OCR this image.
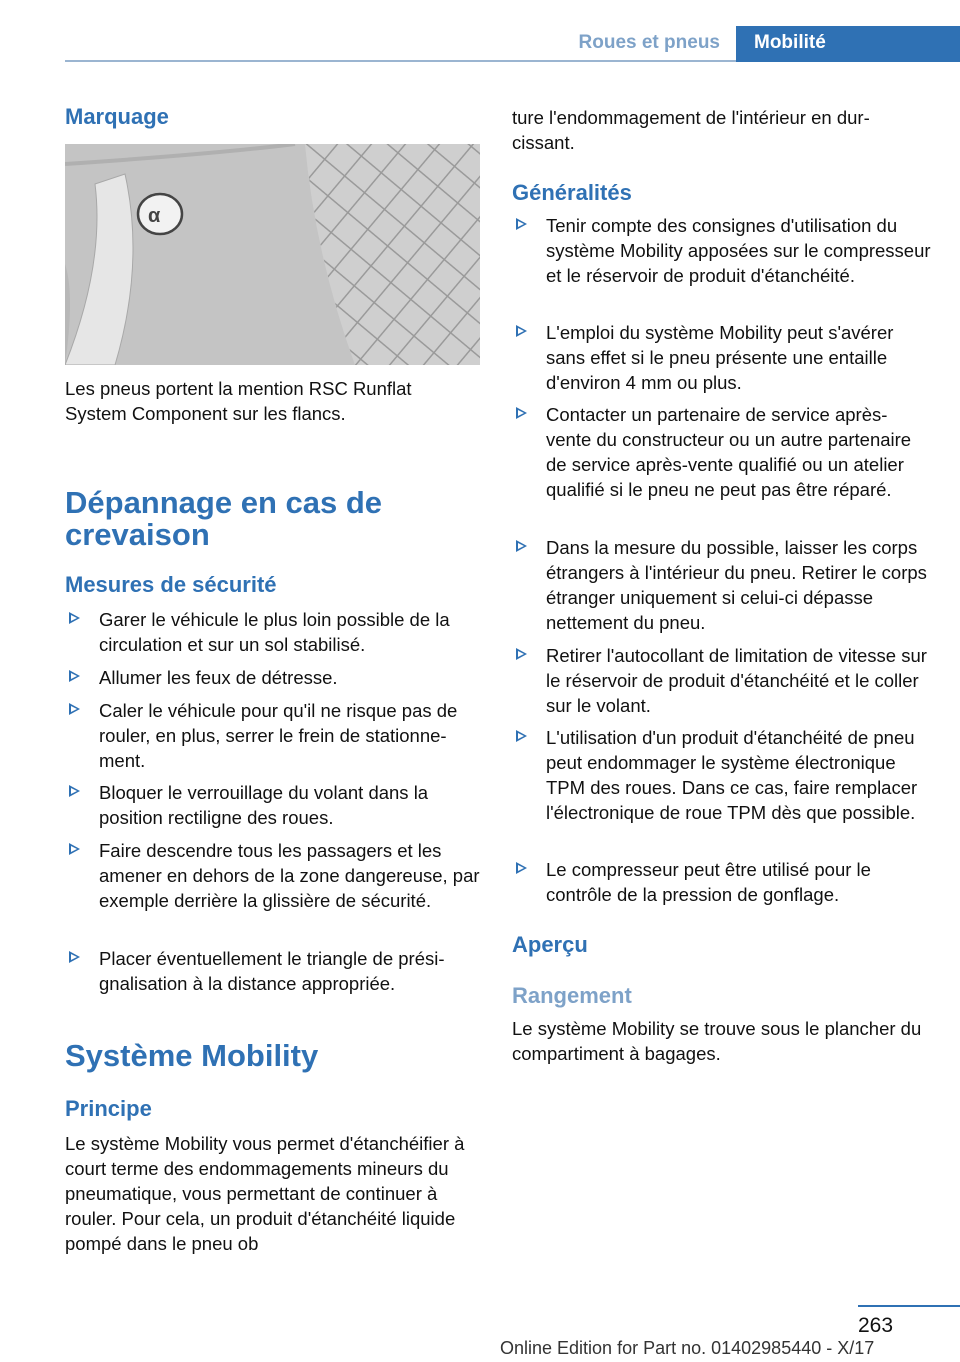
Roues et pneus	Mobilité
Marquage
α

Les pneus portent la mention RSC Runflat System Component sur les flancs.

Dépannage en cas de crevaison
Mesures de sécurité
Garer le véhicule le plus loin possible de la circulation et sur un sol stabilisé.
Allumer les feux de détresse.
Caler le véhicule pour qu'il ne risque pas de rouler, en plus, serrer le frein de stationnement.
Bloquer le verrouillage du volant dans la position rectiligne des roues.
Faire descendre tous les passagers et les amener en dehors de la zone dangereuse, par exemple derrière la glissière de sécurité.
Placer éventuellement le triangle de présignalisation à la distance appropriée.
Système Mobility
Principe

Le système Mobility vous permet d'étanchéifier à court terme des endommagements mineurs du pneumatique, vous permettant de continuer à rouler. Pour cela, un produit d'étanchéité liquide pompé dans le pneu ob

ture l'endommagement de l'intérieur en durcissant.

Généralités
Tenir compte des consignes d'utilisation du système Mobility apposées sur le compresseur et le réservoir de produit d'étanchéité.
L'emploi du système Mobility peut s'avérer sans effet si le pneu présente une entaille d'environ 4 mm ou plus.
Contacter un partenaire de service après-vente du constructeur ou un autre partenaire de service après-vente qualifié ou un atelier qualifié si le pneu ne peut pas être réparé.
Dans la mesure du possible, laisser les corps étrangers à l'intérieur du pneu. Retirer le corps étranger uniquement si celui-ci dépasse nettement du pneu.
Retirer l'autocollant de limitation de vitesse sur le réservoir de produit d'étanchéité et le coller sur le volant.
L'utilisation d'un produit d'étanchéité de pneu peut endommager le système électronique TPM des roues. Dans ce cas, faire remplacer l'électronique de roue TPM dès que possible.
Le compresseur peut être utilisé pour le contrôle de la pression de gonflage.
Aperçu
Rangement

Le système Mobility se trouve sous le plancher du compartiment à bagages.

263
Online Edition for Part no. 01402985440 - X/17
